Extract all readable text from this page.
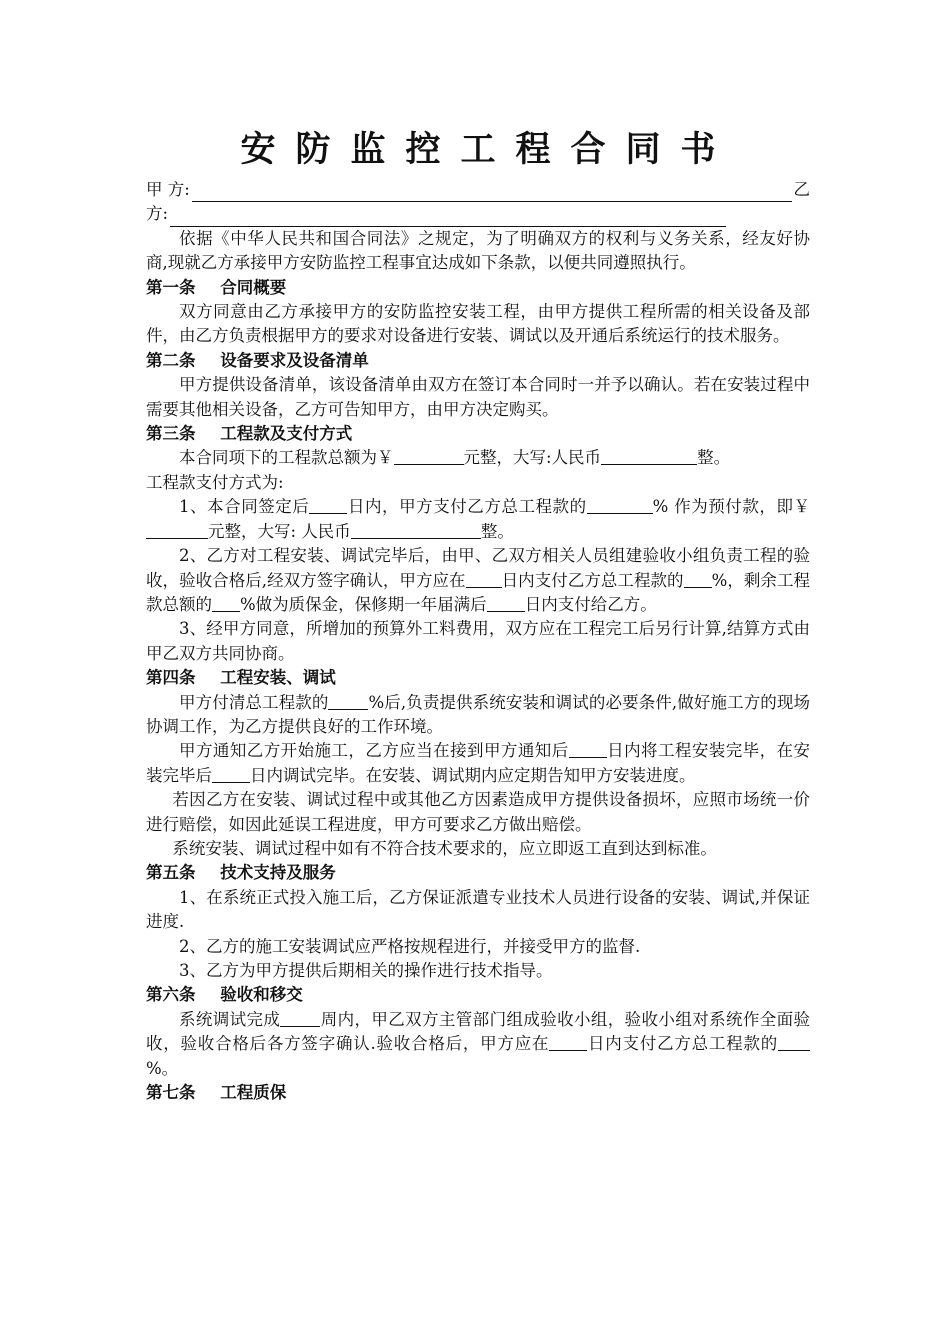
安防监控工程合同书
甲 方:	乙
方:

依据《中华人民共和国合同法》之规定，为了明确双方的权利与义务关系，经友好协商,现就乙方承接甲方安防监控工程事宜达成如下条款，以便共同遵照执行。

第一条 合同概要

双方同意由乙方承接甲方的安防监控安装工程，由甲方提供工程所需的相关设备及部件，由乙方负责根据甲方的要求对设备进行安装、调试以及开通后系统运行的技术服务。

第二条 设备要求及设备清单

甲方提供设备清单，该设备清单由双方在签订本合同时一并予以确认。若在安装过程中需要其他相关设备，乙方可告知甲方，由甲方决定购买。

第三条 工程款及支付方式

本合同项下的工程款总额为￥	元整，大写:人民币	整。

工程款支付方式为:

1、本合同签定后 日内，甲方支付乙方总工程款的	% 作为预付款，即￥元整，大写: 人民币	整。

2、乙方对工程安装、调试完毕后，由甲、乙双方相关人员组建验收小组负责工程的验收，验收合格后,经双方签字确认，甲方应在 日内支付乙方总工程款的 %，剩余工程款总额的 %做为质保金，保修期一年届满后 日内支付给乙方。

3、经甲方同意，所增加的预算外工料费用，双方应在工程完工后另行计算,结算方式由甲乙双方共同协商。

第四条 工程安装、调试

甲方付清总工程款的 %后,负责提供系统安装和调试的必要条件,做好施工方的现场协调工作，为乙方提供良好的工作环境。

甲方通知乙方开始施工，乙方应当在接到甲方通知后 日内将工程安装完毕，在安装完毕后 日内调试完毕。在安装、调试期内应定期告知甲方安装进度。

若因乙方在安装、调试过程中或其他乙方因素造成甲方提供设备损坏，应照市场统一价进行赔偿，如因此延误工程进度，甲方可要求乙方做出赔偿。

系统安装、调试过程中如有不符合技术要求的，应立即返工直到达到标准。

第五条 技术支持及服务

1、在系统正式投入施工后，乙方保证派遣专业技术人员进行设备的安装、调试,并保证进度.

2、乙方的施工安装调试应严格按规程进行，并接受甲方的监督.

3、乙方为甲方提供后期相关的操作进行技术指导。

第六条 验收和移交

系统调试完成 周内，甲乙双方主管部门组成验收小组，验收小组对系统作全面验收，验收合格后各方签字确认.验收合格后，甲方应在 日内支付乙方总工程款的%。

第七条 工程质保
